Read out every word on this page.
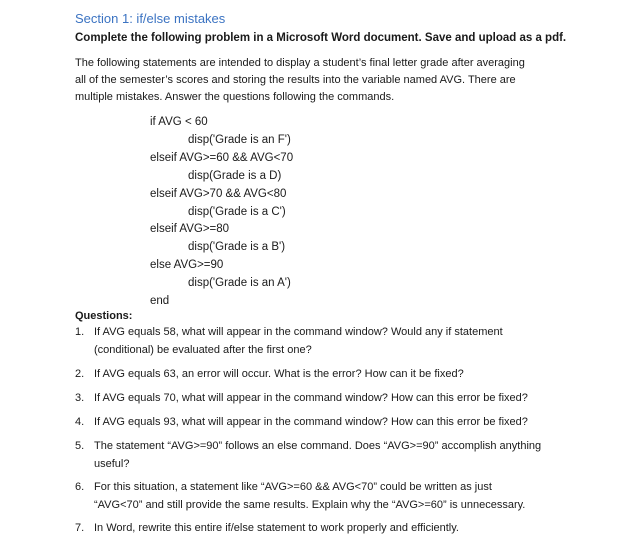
Section 1: if/else mistakes
Complete the following problem in a Microsoft Word document. Save and upload as a pdf.
The following statements are intended to display a student’s final letter grade after averaging
all of the semester’s scores and storing the results into the variable named AVG. There are
multiple mistakes. Answer the questions following the commands.
if AVG < 60
disp('Grade is an F')
elseif AVG>=60 && AVG<70
disp(Grade is a D)
elseif AVG>70 && AVG<80
disp('Grade is a C')
elseif AVG>=80
disp('Grade is a B')
else AVG>=90
disp('Grade is an A')
end
Questions:
1. If AVG equals 58, what will appear in the command window? Would any if statement
(conditional) be evaluated after the first one?
2. If AVG equals 63, an error will occur. What is the error? How can it be fixed?
3. If AVG equals 70, what will appear in the command window? How can this error be fixed?
4. If AVG equals 93, what will appear in the command window? How can this error be fixed?
5. The statement “AVG>=90” follows an else command. Does “AVG>=90” accomplish anything
useful?
6. For this situation, a statement like “AVG>=60 && AVG<70” could be written as just
“AVG<70” and still provide the same results. Explain why the “AVG>=60” is unnecessary.
7. In Word, rewrite this entire if/else statement to work properly and efficiently.
